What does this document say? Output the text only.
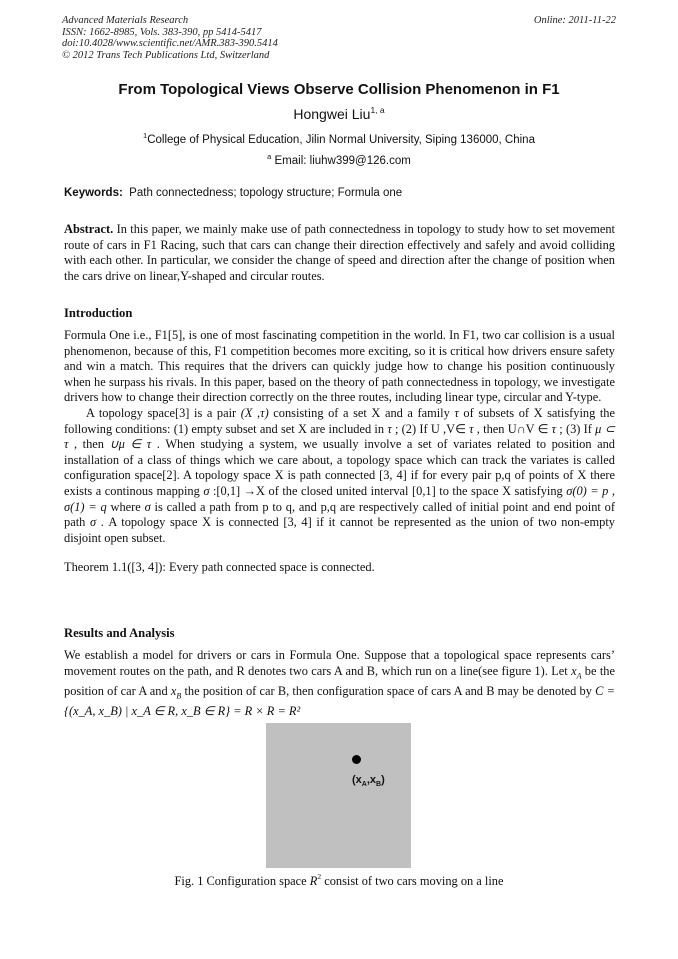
Advanced Materials Research
ISSN: 1662-8985, Vols. 383-390, pp 5414-5417
doi:10.4028/www.scientific.net/AMR.383-390.5414
© 2012 Trans Tech Publications Ltd, Switzerland
Online: 2011-11-22
From Topological Views Observe Collision Phenomenon in F1
Hongwei Liu$^{1, a}$
$^1$College of Physical Education, Jilin Normal University, Siping 136000, China
$^a$ Email: liuhw399@126.com
Keywords:  Path connectedness; topology structure; Formula one

Abstract. In this paper, we mainly make use of path connectedness in topology to study how to set movement route of cars in F1 Racing, such that cars can change their direction effectively and safely and avoid colliding with each other. In particular, we consider the change of speed and direction after the change of position when the cars drive on linear,Y-shaped and circular routes.

Introduction

Formula One i.e., F1[5], is one of most fascinating competition in the world. In F1, two car collision is a usual phenomenon, because of this, F1 competition becomes more exciting, so it is critical how drivers ensure safety and win a match. This requires that the drivers can quickly judge how to change his position continuously when he surpass his rivals. In this paper, based on the theory of path connectedness in topology, we investigate drivers how to change their direction correctly on the three routes, including linear type, circular and Y-type.

A topology space[3] is a pair (X ,τ) consisting of a set X and a family τ of subsets of X satisfying the following conditions: (1) empty subset and set X are included in τ ; (2) If U ,V∈ τ , then U∩V ∈ τ ; (3) If μ ⊂ τ , then ∪μ ∈ τ . When studying a system, we usually involve a set of variates related to position and installation of a class of things which we care about, a topology space which can track the variates is called configuration space[2]. A topology space X is path connected [3, 4] if for every pair p,q of points of X there exists a continous mapping σ :[0,1] →X of the closed united interval [0,1] to the space X satisfying σ(0) = p , σ(1) = q where σ is called a path from p to q, and p,q are respectively called of initial point and end point of path σ . A topology space X is connected [3, 4] if it cannot be represented as the union of two non-empty disjoint open subset.

Theorem 1.1([3, 4]): Every path connected space is connected.

Results and Analysis

We establish a model for drivers or cars in Formula One. Suppose that a topological space represents cars’ movement routes on the path, and R denotes two cars A and B, which run on a line(see figure 1). Let $x_A$ be the position of car A and $x_B$ the position of car B, then configuration space of cars A and B may be denoted by C = {(x_A, x_B) | x_A ∈ R, x_B ∈ R} = R × R = R²

$(x_A,x_B)$
Fig. 1 Configuration space $R^2$ consist of two cars moving on a line
